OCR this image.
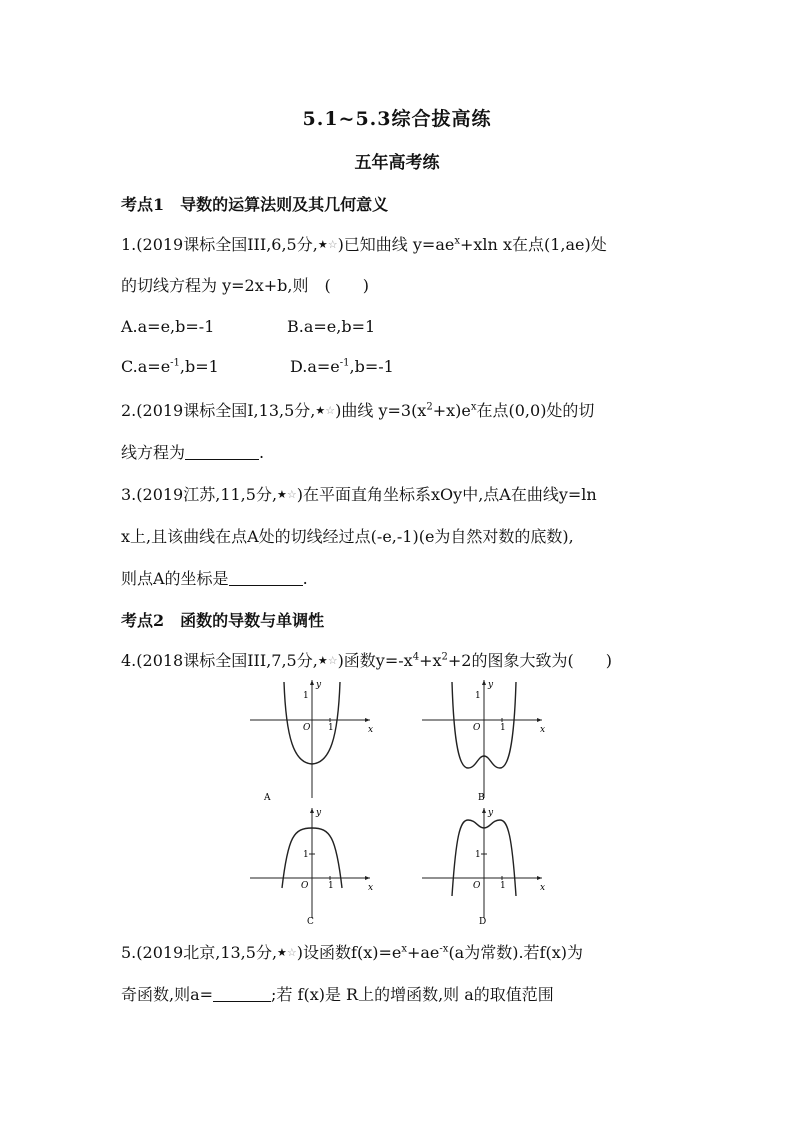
5.1~5.3综合拔高练
五年高考练
考点1　导数的运算法则及其几何意义
1.(2019课标全国III,6,5分,★☆)已知曲线 $y=ae^x+xln$ x在点(1,ae)处
的切线方程为 y=2x+b,则　(　　)
A.a=e,b=-1	B.a=e,b=1
$C.a=e^{-1},b=1$	$D.a=e^{-1},b=-1$
2.(2019课标全国Ⅰ,13,5分,★☆)曲线 $y=3(x^2+x)e^x$在点(0,0)处的切
线方程为	.
3.(2019江苏,11,5分,★☆)在平面直角坐标系xOy中,点A在曲线y=ln
x上,且该曲线在点A处的切线经过点(-e,-1)(e为自然对数的底数),
则点A的坐标是	.
考点2　函数的导数与单调性
4.(2018课标全国III,7,5分,★☆)函数$y=-x^4+x^2+2$的图象大致为(　　)
y
1
O 1	x
A
y
1
O 1	x
B
y
1
O 1	x
C
y
1
O 1	x
D
5.(2019北京,13,5分,★☆)设函数$f(x)=e^x+ae^{-x}(a$为常数).若f(x)为
奇函数,则a=	;若 f(x)是 R上的增函数,则 a的取值范围
